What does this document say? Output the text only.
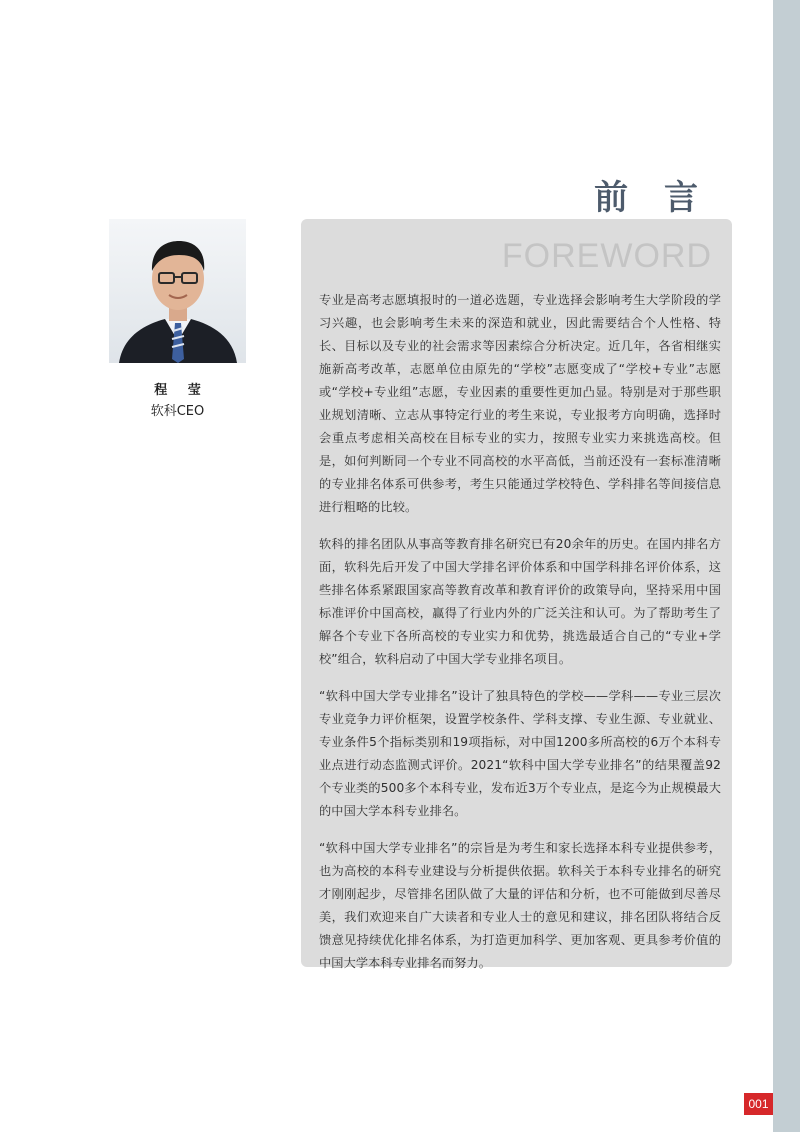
前 言
程 莹
软科CEO
FOREWORD

专业是高考志愿填报时的一道必选题，专业选择会影响考生大学阶段的学习兴趣，也会影响考生未来的深造和就业，因此需要结合个人性格、特长、目标以及专业的社会需求等因素综合分析决定。近几年，各省相继实施新高考改革，志愿单位由原先的“学校”志愿变成了“学校+专业”志愿或“学校+专业组”志愿，专业因素的重要性更加凸显。特别是对于那些职业规划清晰、立志从事特定行业的考生来说，专业报考方向明确，选择时会重点考虑相关高校在目标专业的实力，按照专业实力来挑选高校。但是，如何判断同一个专业不同高校的水平高低，当前还没有一套标准清晰的专业排名体系可供参考，考生只能通过学校特色、学科排名等间接信息进行粗略的比较。

软科的排名团队从事高等教育排名研究已有20余年的历史。在国内排名方面，软科先后开发了中国大学排名评价体系和中国学科排名评价体系，这些排名体系紧跟国家高等教育改革和教育评价的政策导向，坚持采用中国标准评价中国高校，赢得了行业内外的广泛关注和认可。为了帮助考生了解各个专业下各所高校的专业实力和优势，挑选最适合自己的“专业+学校”组合，软科启动了中国大学专业排名项目。

“软科中国大学专业排名”设计了独具特色的学校——学科——专业三层次专业竞争力评价框架，设置学校条件、学科支撑、专业生源、专业就业、专业条件5个指标类别和19项指标，对中国1200多所高校的6万个本科专业点进行动态监测式评价。2021“软科中国大学专业排名”的结果覆盖92个专业类的500多个本科专业，发布近3万个专业点，是迄今为止规模最大的中国大学本科专业排名。

“软科中国大学专业排名”的宗旨是为考生和家长选择本科专业提供参考，也为高校的本科专业建设与分析提供依据。软科关于本科专业排名的研究才刚刚起步，尽管排名团队做了大量的评估和分析，也不可能做到尽善尽美，我们欢迎来自广大读者和专业人士的意见和建议，排名团队将结合反馈意见持续优化排名体系，为打造更加科学、更加客观、更具参考价值的中国大学本科专业排名而努力。

001
